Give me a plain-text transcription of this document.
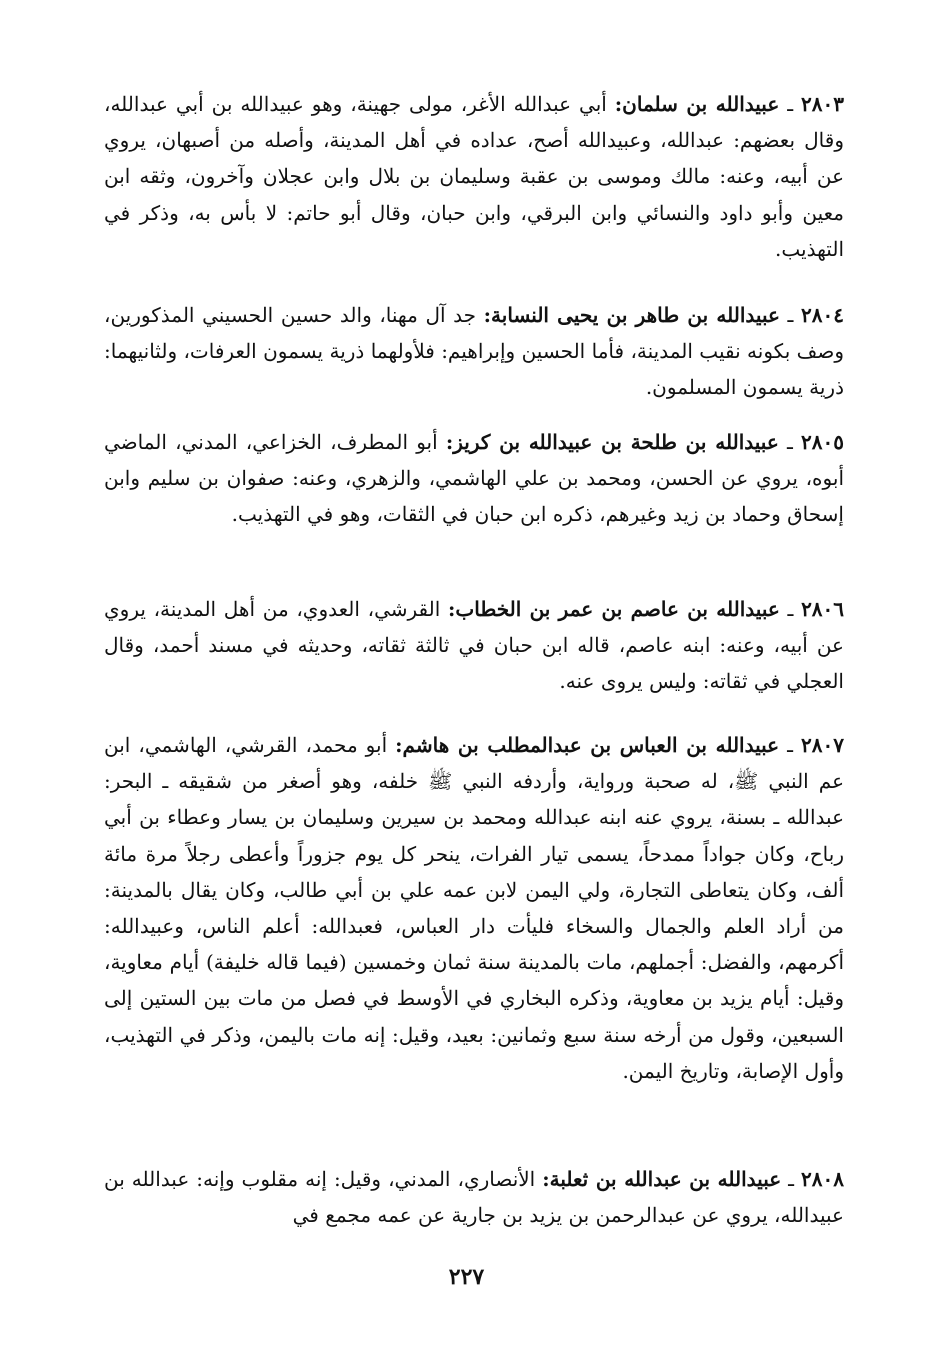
٢٨٠٣ ـ عبيدالله بن سلمان: أبي عبدالله الأغر، مولى جهينة، وهو عبيدالله بن أبي عبدالله، وقال بعضهم: عبدالله، وعبيدالله أصح، عداده في أهل المدينة، وأصله من أصبهان، يروي عن أبيه، وعنه: مالك وموسى بن عقبة وسليمان بن بلال وابن عجلان وآخرون، وثقه ابن معين وأبو داود والنسائي وابن البرقي، وابن حبان، وقال أبو حاتم: لا بأس به، وذكر في التهذيب.

٢٨٠٤ ـ عبيدالله بن طاهر بن يحيى النسابة: جد آل مهنا، والد حسين الحسيني المذكورين، وصف بكونه نقيب المدينة، فأما الحسين وإبراهيم: فلأولهما ذرية يسمون العرفات، ولثانيهما: ذرية يسمون المسلمون.

٢٨٠٥ ـ عبيدالله بن طلحة بن عبيدالله بن كريز: أبو المطرف، الخزاعي، المدني، الماضي أبوه، يروي عن الحسن، ومحمد بن علي الهاشمي، والزهري، وعنه: صفوان بن سليم وابن إسحاق وحماد بن زيد وغيرهم، ذكره ابن حبان في الثقات، وهو في التهذيب.

٢٨٠٦ ـ عبيدالله بن عاصم بن عمر بن الخطاب: القرشي، العدوي، من أهل المدينة، يروي عن أبيه، وعنه: ابنه عاصم، قاله ابن حبان في ثالثة ثقاته، وحديثه في مسند أحمد، وقال العجلي في ثقاته: وليس يروى عنه.

٢٨٠٧ ـ عبيدالله بن العباس بن عبدالمطلب بن هاشم: أبو محمد، القرشي، الهاشمي، ابن عم النبي ﷺ، له صحبة ورواية، وأردفه النبي ﷺ خلفه، وهو أصغر من شقيقه ـ البحر: عبدالله ـ بسنة، يروي عنه ابنه عبدالله ومحمد بن سيرين وسليمان بن يسار وعطاء بن أبي رباح، وكان جواداً ممدحاً، يسمى تيار الفرات، ينحر كل يوم جزوراً وأعطى رجلاً مرة مائة ألف، وكان يتعاطى التجارة، ولي اليمن لابن عمه علي بن أبي طالب، وكان يقال بالمدينة: من أراد العلم والجمال والسخاء فليأت دار العباس، فعبدالله: أعلم الناس، وعبيدالله: أكرمهم، والفضل: أجملهم، مات بالمدينة سنة ثمان وخمسين (فيما قاله خليفة) أيام معاوية، وقيل: أيام يزيد بن معاوية، وذكره البخاري في الأوسط في فصل من مات بين الستين إلى السبعين، وقول من أرخه سنة سبع وثمانين: بعيد، وقيل: إنه مات باليمن، وذكر في التهذيب، وأول الإصابة، وتاريخ اليمن.

٢٨٠٨ ـ عبيدالله بن عبدالله بن ثعلبة: الأنصاري، المدني، وقيل: إنه مقلوب وإنه: عبدالله بن عبيدالله، يروي عن عبدالرحمن بن يزيد بن جارية عن عمه مجمع في

٢٢٧
